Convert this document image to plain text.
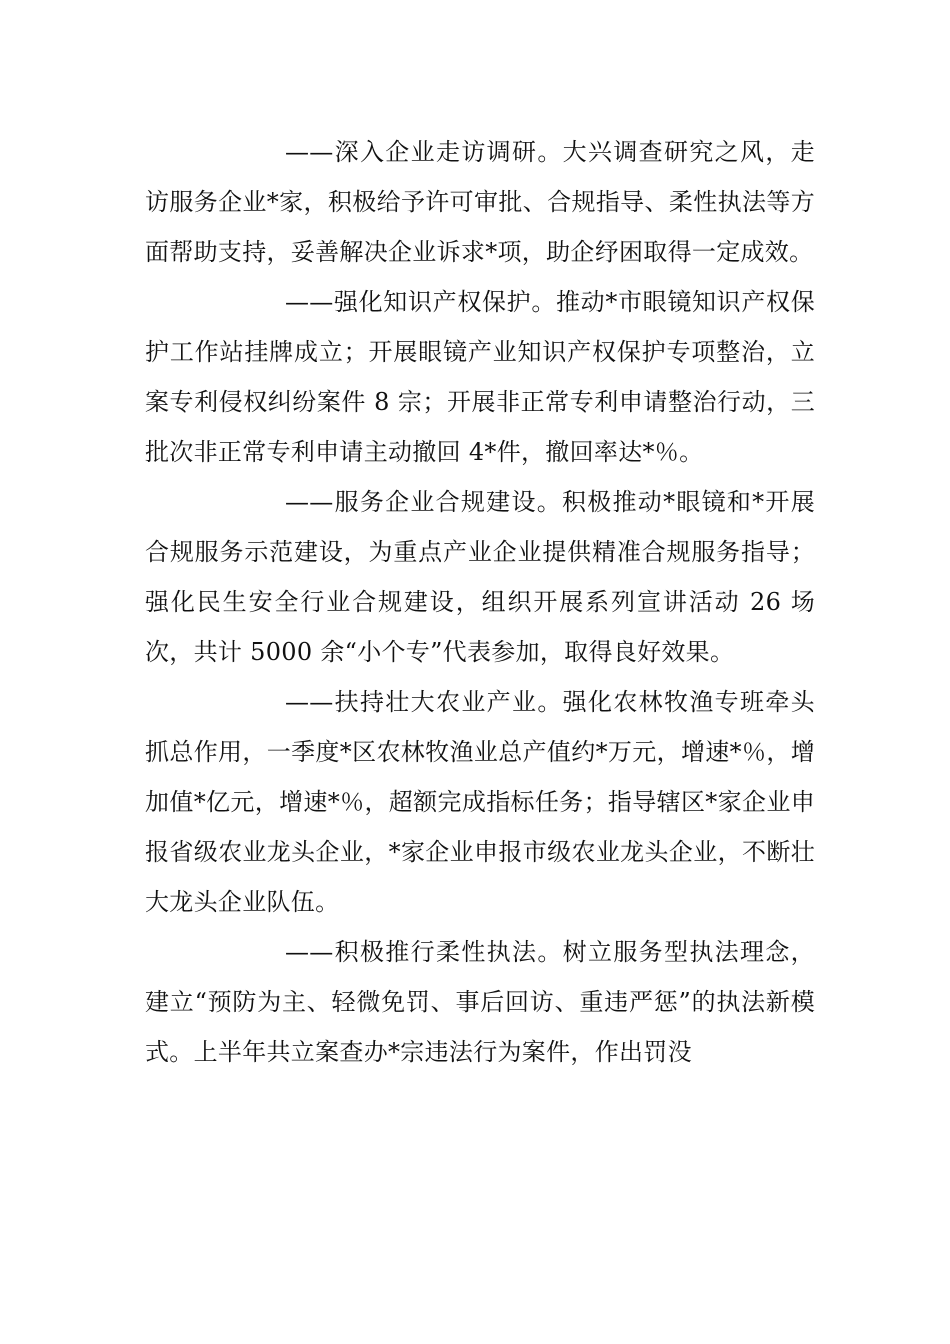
——深入企业走访调研。大兴调查研究之风，走访服务企业*家，积极给予许可审批、合规指导、柔性执法等方面帮助支持，妥善解决企业诉求*项，助企纾困取得一定成效。

——强化知识产权保护。推动*市眼镜知识产权保护工作站挂牌成立；开展眼镜产业知识产权保护专项整治，立案专利侵权纠纷案件 8 宗；开展非正常专利申请整治行动，三批次非正常专利申请主动撤回 4*件，撤回率达*％。

——服务企业合规建设。积极推动*眼镜和*开展合规服务示范建设，为重点产业企业提供精准合规服务指导；强化民生安全行业合规建设，组织开展系列宣讲活动 26 场次，共计 5000 余“小个专”代表参加，取得良好效果。

——扶持壮大农业产业。强化农林牧渔专班牵头抓总作用，一季度*区农林牧渔业总产值约*万元，增速*％，增加值*亿元，增速*％，超额完成指标任务；指导辖区*家企业申报省级农业龙头企业，*家企业申报市级农业龙头企业，不断壮大龙头企业队伍。

——积极推行柔性执法。树立服务型执法理念，建立“预防为主、轻微免罚、事后回访、重违严惩”的执法新模式。上半年共立案查办*宗违法行为案件，作出罚没
